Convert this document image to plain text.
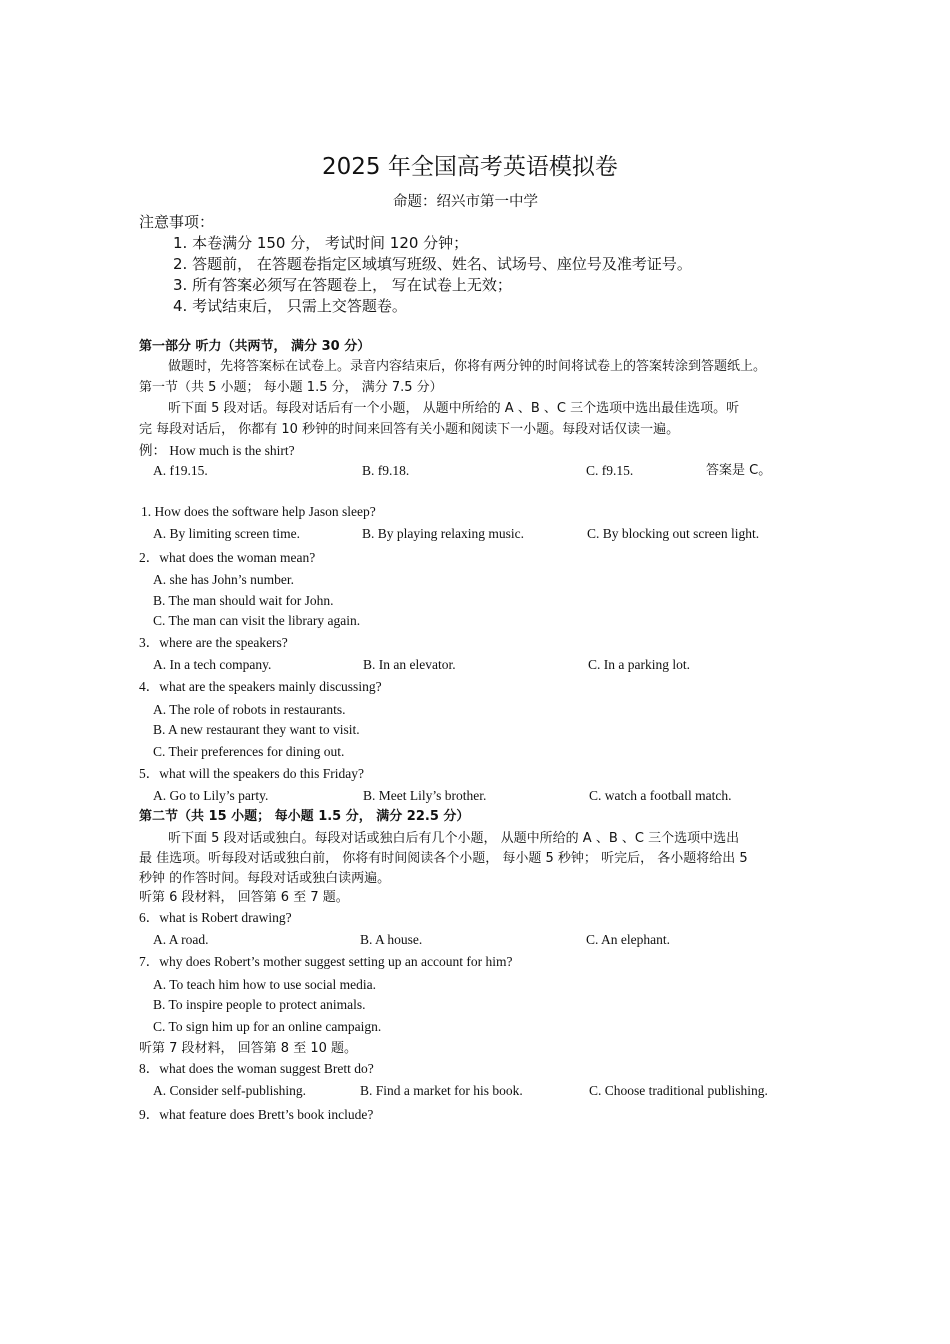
2025 年全国高考英语模拟卷
命题：绍兴市第一中学
注意事项：
1. 本卷满分 150 分， 考试时间 120 分钟；
2. 答题前， 在答题卷指定区域填写班级、姓名、试场号、座位号及准考证号。
3. 所有答案必须写在答题卷上， 写在试卷上无效；
4. 考试结束后， 只需上交答题卷。
第一部分 听力（共两节， 满分 30 分）
做题时，先将答案标在试卷上。录音内容结束后，你将有两分钟的时间将试卷上的答案转涂到答题纸上。
第一节（共 5 小题； 每小题 1.5 分， 满分 7.5 分）
听下面 5 段对话。每段对话后有一个小题， 从题中所给的 A 、B 、C 三个选项中选出最佳选项。听
完 每段对话后， 你都有 10 秒钟的时间来回答有关小题和阅读下一小题。每段对话仅读一遍。
例： How much is the shirt?
A. f19.15.	B. f9.18.	C. f9.15.	答案是 C。
1. How does the software help Jason sleep?
A. By limiting screen time.	B. By playing relaxing music.	C. By blocking out screen light.
2．what does the woman mean?
A. she has John’s number.
B. The man should wait for John.
C. The man can visit the library again.
3．where are the speakers?
A. In a tech company.	B. In an elevator.	C. In a parking lot.
4．what are the speakers mainly discussing?
A. The role of robots in restaurants.
B. A new restaurant they want to visit.
C. Their preferences for dining out.
5．what will the speakers do this Friday?
A. Go to Lily’s party.	B. Meet Lily’s brother.	C. watch a football match.
第二节（共 15 小题； 每小题 1.5 分， 满分 22.5 分）
听下面 5 段对话或独白。每段对话或独白后有几个小题， 从题中所给的 A 、B 、C 三个选项中选出
最 佳选项。听每段对话或独白前， 你将有时间阅读各个小题， 每小题 5 秒钟； 听完后， 各小题将给出 5
秒钟 的作答时间。每段对话或独白读两遍。
听第 6 段材料， 回答第 6 至 7 题。
6．what is Robert drawing?
A. A road.	B. A house.	C. An elephant.
7．why does Robert’s mother suggest setting up an account for him?
A. To teach him how to use social media.
B. To inspire people to protect animals.
C. To sign him up for an online campaign.
听第 7 段材料， 回答第 8 至 10 题。
8．what does the woman suggest Brett do?
A. Consider self-publishing.	B. Find a market for his book.	C. Choose traditional publishing.
9．what feature does Brett’s book include?
